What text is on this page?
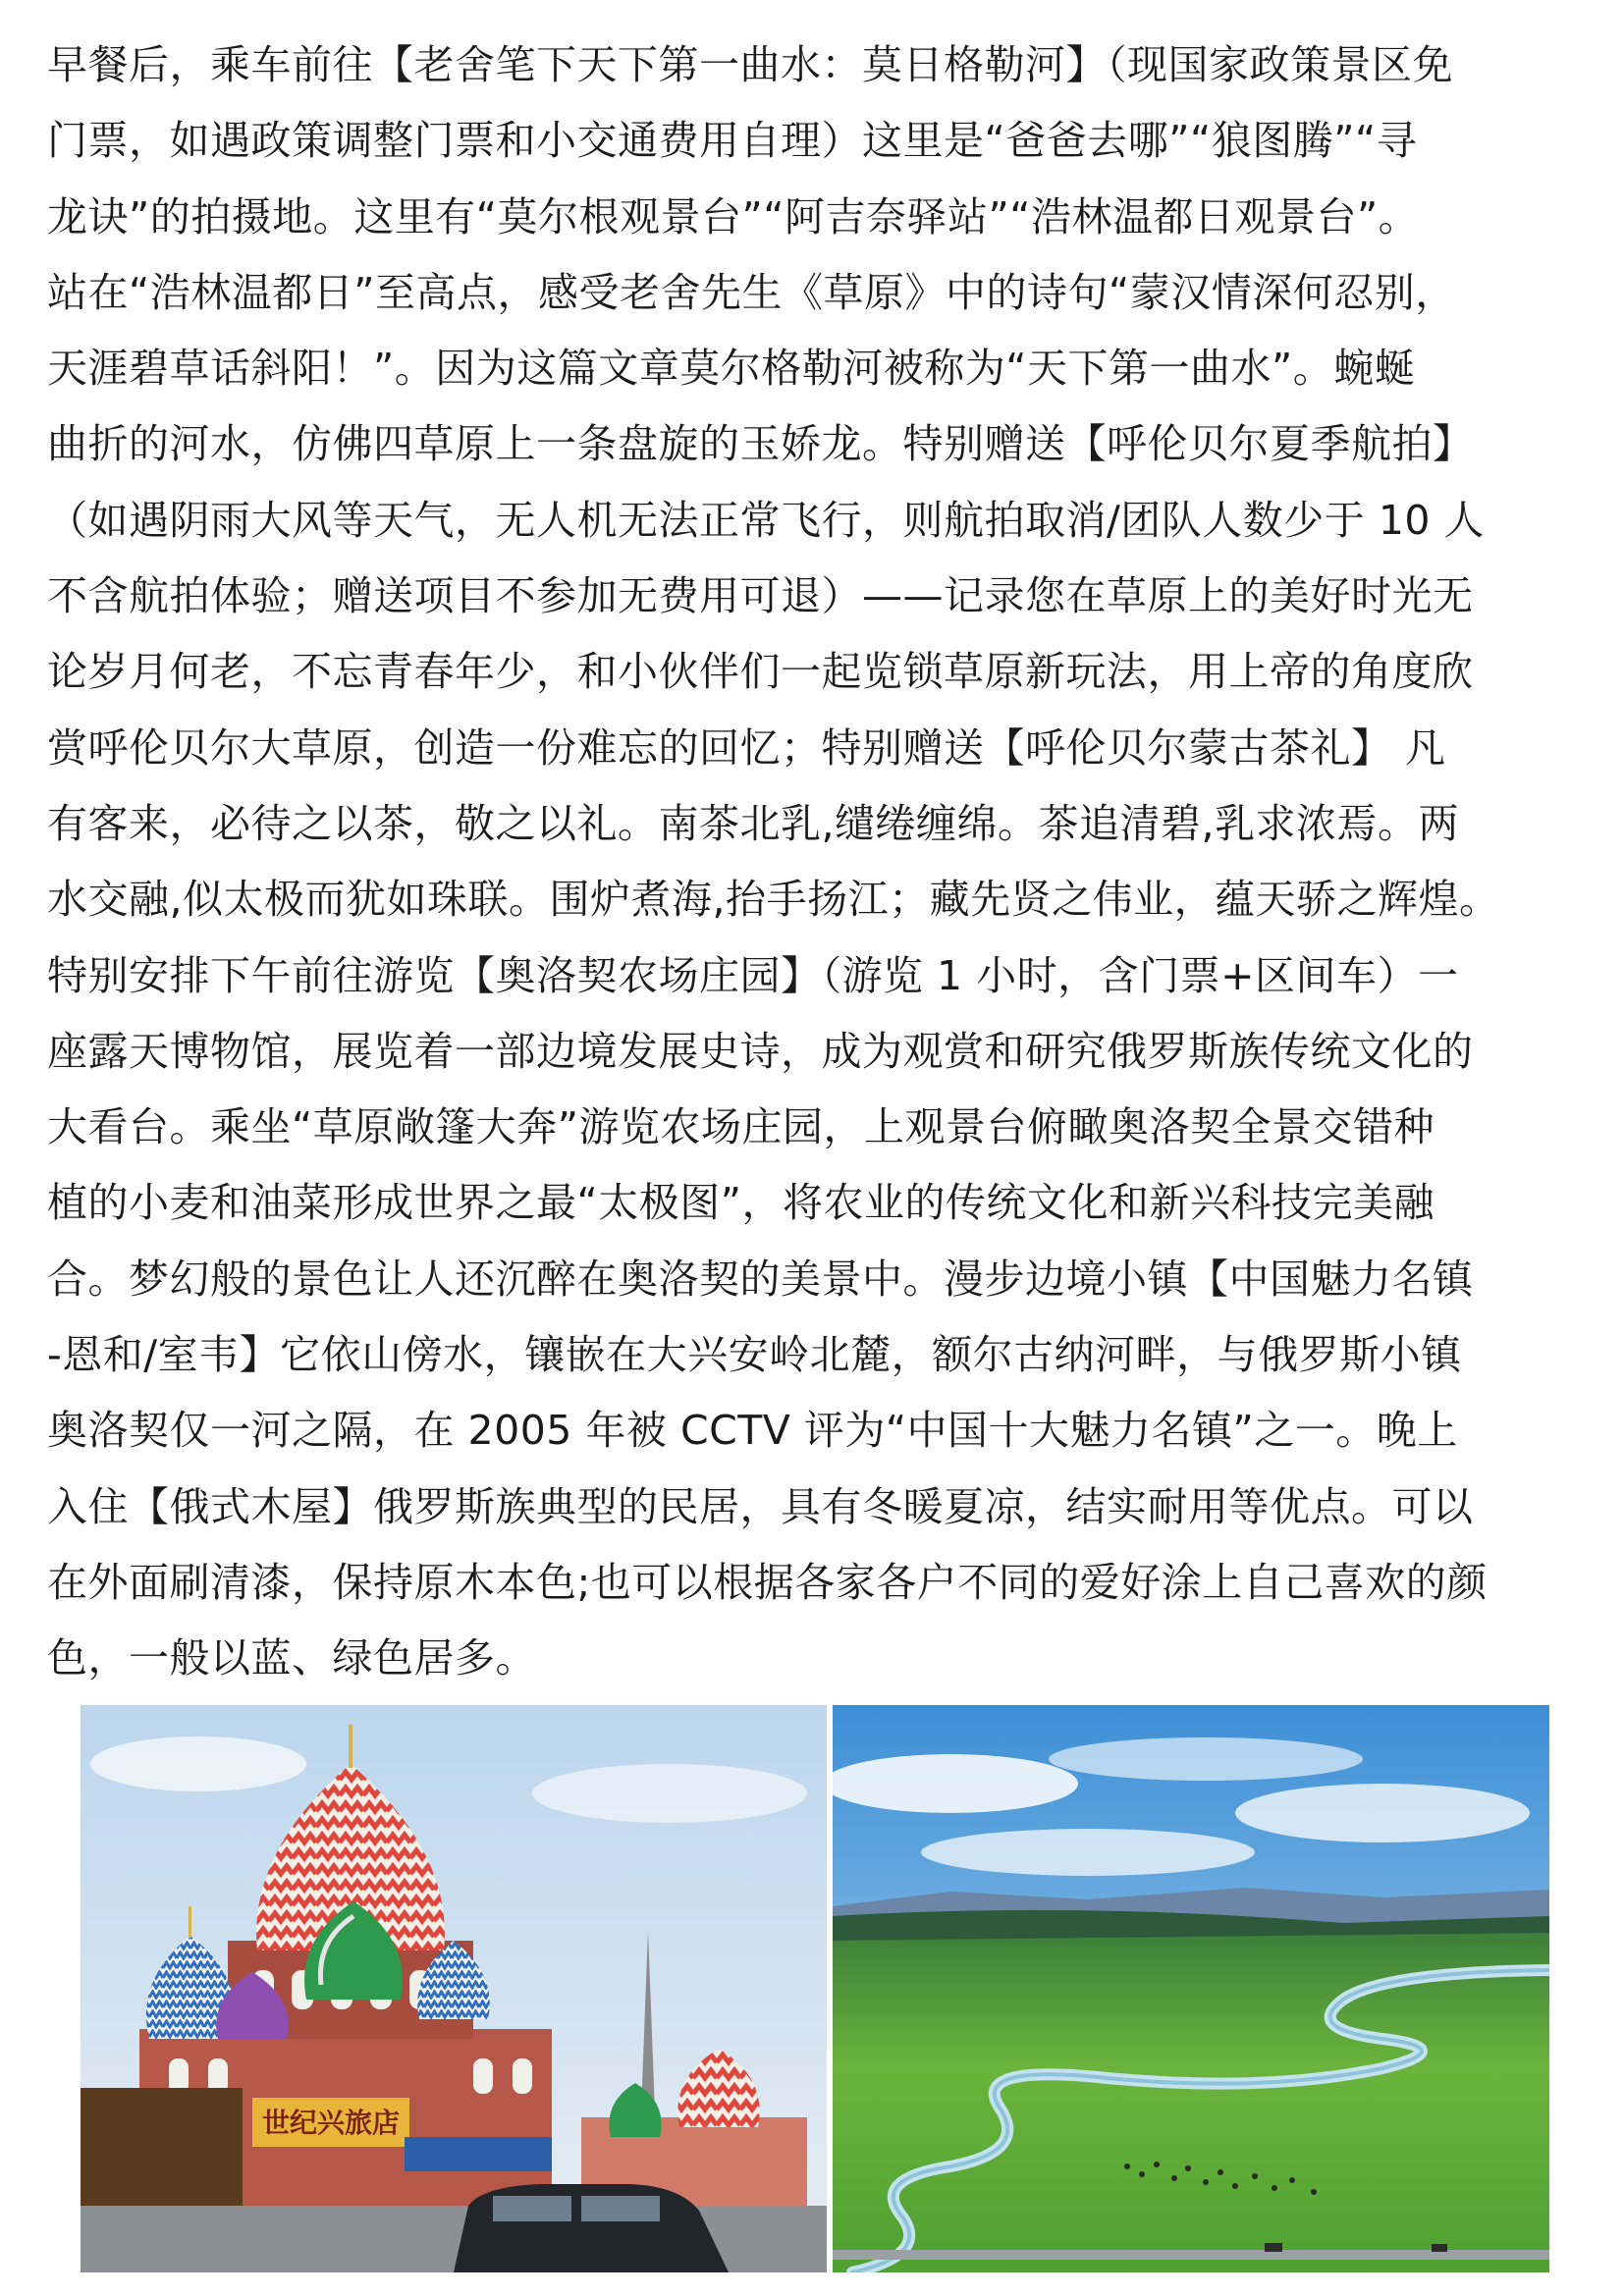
早餐后，乘车前往【老舍笔下天下第一曲水：莫日格勒河】（现国家政策景区免
门票，如遇政策调整门票和小交通费用自理）这里是“爸爸去哪”“狼图腾”“寻
龙诀”的拍摄地。这里有“莫尔根观景台”“阿吉奈驿站”“浩林温都日观景台”。
站在“浩林温都日”至高点，感受老舍先生《草原》中的诗句“蒙汉情深何忍别，
天涯碧草话斜阳！”。因为这篇文章莫尔格勒河被称为“天下第一曲水”。蜿蜒
曲折的河水，仿佛四草原上一条盘旋的玉娇龙。特别赠送【呼伦贝尔夏季航拍】
（如遇阴雨大风等天气，无人机无法正常飞行，则航拍取消/团队人数少于 10 人
不含航拍体验；赠送项目不参加无费用可退）——记录您在草原上的美好时光无
论岁月何老，不忘青春年少，和小伙伴们一起览锁草原新玩法，用上帝的角度欣
赏呼伦贝尔大草原，创造一份难忘的回忆；特别赠送【呼伦贝尔蒙古茶礼】 凡
有客来，必待之以茶，敬之以礼。南茶北乳,缱绻缠绵。茶追清碧,乳求浓焉。两
水交融,似太极而犹如珠联。围炉煮海,抬手扬江；藏先贤之伟业，蕴天骄之辉煌。
特别安排下午前往游览【奥洛契农场庄园】（游览 1 小时，含门票+区间车）一
座露天博物馆，展览着一部边境发展史诗，成为观赏和研究俄罗斯族传统文化的
大看台。乘坐“草原敞篷大奔”游览农场庄园，上观景台俯瞰奥洛契全景交错种
植的小麦和油菜形成世界之最“太极图”，将农业的传统文化和新兴科技完美融
合。梦幻般的景色让人还沉醉在奥洛契的美景中。漫步边境小镇【中国魅力名镇
-恩和/室韦】它依山傍水，镶嵌在大兴安岭北麓，额尔古纳河畔，与俄罗斯小镇
奥洛契仅一河之隔，在 2005 年被 CCTV 评为“中国十大魅力名镇”之一。晚上
入住【俄式木屋】俄罗斯族典型的民居，具有冬暖夏凉，结实耐用等优点。可以
在外面刷清漆，保持原木本色;也可以根据各家各户不同的爱好涂上自己喜欢的颜
色，一般以蓝、绿色居多。
世纪兴旅店
